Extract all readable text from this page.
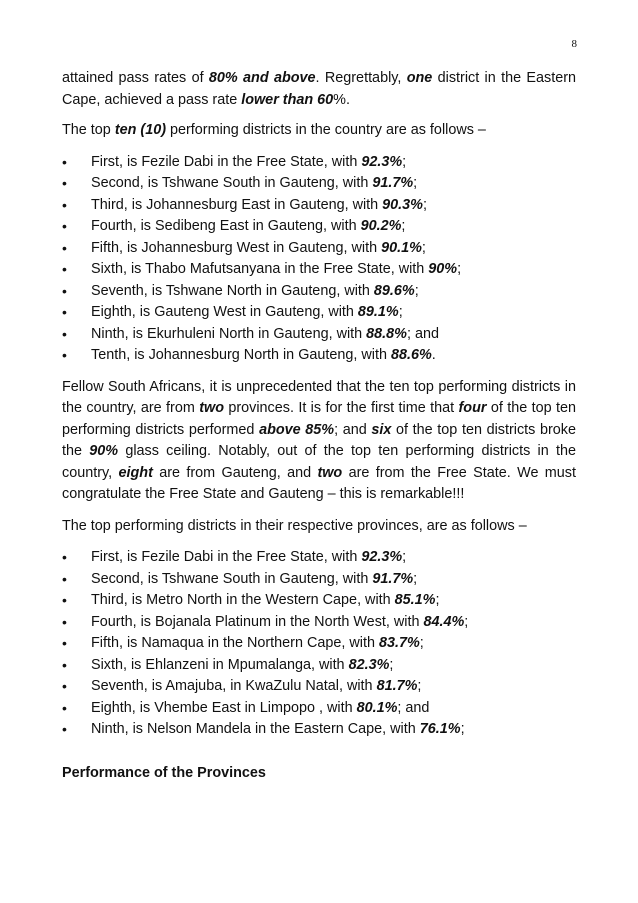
8

attained pass rates of 80% and above. Regrettably, one district in the Eastern Cape, achieved a pass rate lower than 60%.

The top ten (10) performing districts in the country are as follows –

• First, is Fezile Dabi in the Free State, with 92.3%;
• Second, is Tshwane South in Gauteng, with 91.7%;
• Third, is Johannesburg East in Gauteng, with 90.3%;
• Fourth, is Sedibeng East in Gauteng, with 90.2%;
• Fifth, is Johannesburg West in Gauteng, with 90.1%;
• Sixth, is Thabo Mafutsanyana in the Free State, with 90%;
• Seventh, is Tshwane North in Gauteng, with 89.6%;
• Eighth, is Gauteng West in Gauteng, with 89.1%;
• Ninth, is Ekurhuleni North in Gauteng, with 88.8%; and
• Tenth, is Johannesburg North in Gauteng, with 88.6%.

Fellow South Africans, it is unprecedented that the ten top performing districts in the country, are from two provinces. It is for the first time that four of the top ten performing districts performed above 85%; and six of the top ten districts broke the 90% glass ceiling. Notably, out of the top ten performing districts in the country, eight are from Gauteng, and two are from the Free State. We must congratulate the Free State and Gauteng – this is remarkable!!!

The top performing districts in their respective provinces, are as follows –

• First, is Fezile Dabi in the Free State, with 92.3%;
• Second, is Tshwane South in Gauteng, with 91.7%;
• Third, is Metro North in the Western Cape, with 85.1%;
• Fourth, is Bojanala Platinum in the North West, with 84.4%;
• Fifth, is Namaqua in the Northern Cape, with 83.7%;
• Sixth, is Ehlanzeni in Mpumalanga, with 82.3%;
• Seventh, is Amajuba, in KwaZulu Natal, with 81.7%;
• Eighth, is Vhembe East in Limpopo , with 80.1%; and
• Ninth, is Nelson Mandela in the Eastern Cape, with 76.1%;

Performance of the Provinces
